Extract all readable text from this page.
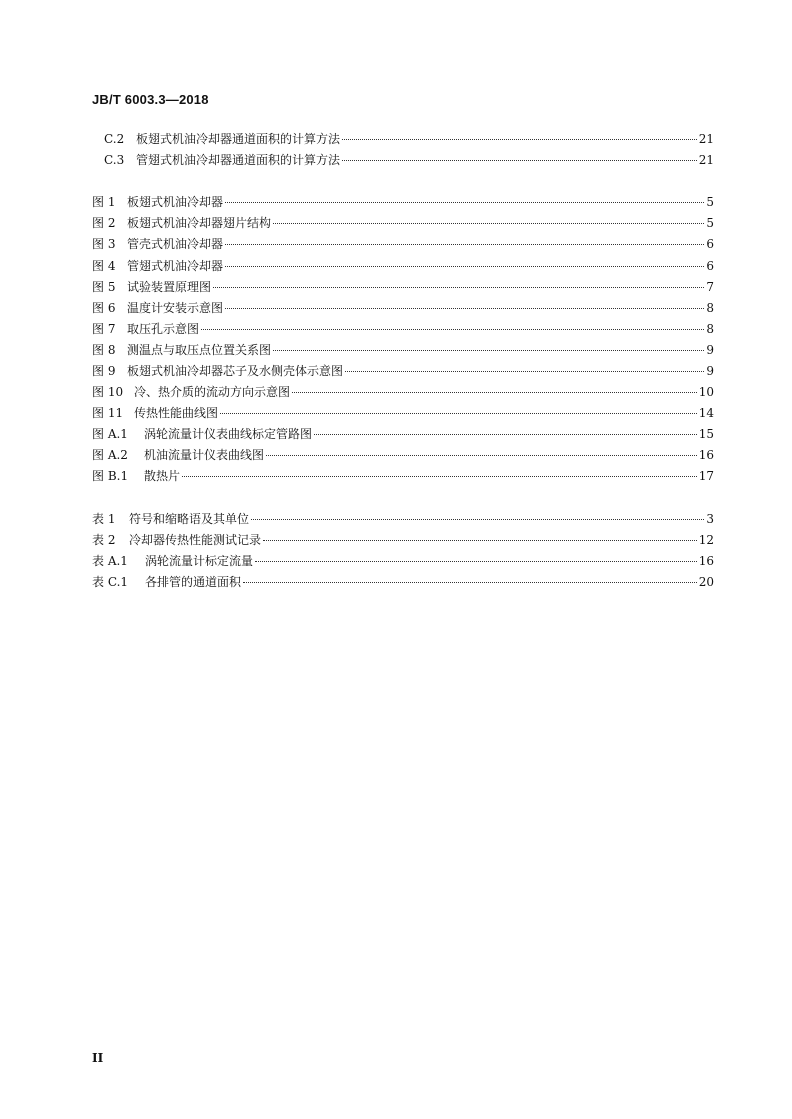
JB/T 6003.3—2018
C.2 板翅式机油冷却器通道面积的计算方法	21
C.3 管翅式机油冷却器通道面积的计算方法	21
图 1 板翅式机油冷却器	5
图 2 板翅式机油冷却器翅片结构	5
图 3 管壳式机油冷却器	6
图 4 管翅式机油冷却器	6
图 5 试验装置原理图	7
图 6 温度计安装示意图	8
图 7 取压孔示意图	8
图 8 测温点与取压点位置关系图	9
图 9 板翅式机油冷却器芯子及水侧壳体示意图	9
图 10 冷、热介质的流动方向示意图	10
图 11 传热性能曲线图	14
图 A.1	涡轮流量计仪表曲线标定管路图	15
图 A.2	机油流量计仪表曲线图	16
图 B.1	散热片	17
表 1	符号和缩略语及其单位	3
表 2	冷却器传热性能测试记录	12
表 A.1	涡轮流量计标定流量	16
表 C.1	各排管的通道面积	20
II
